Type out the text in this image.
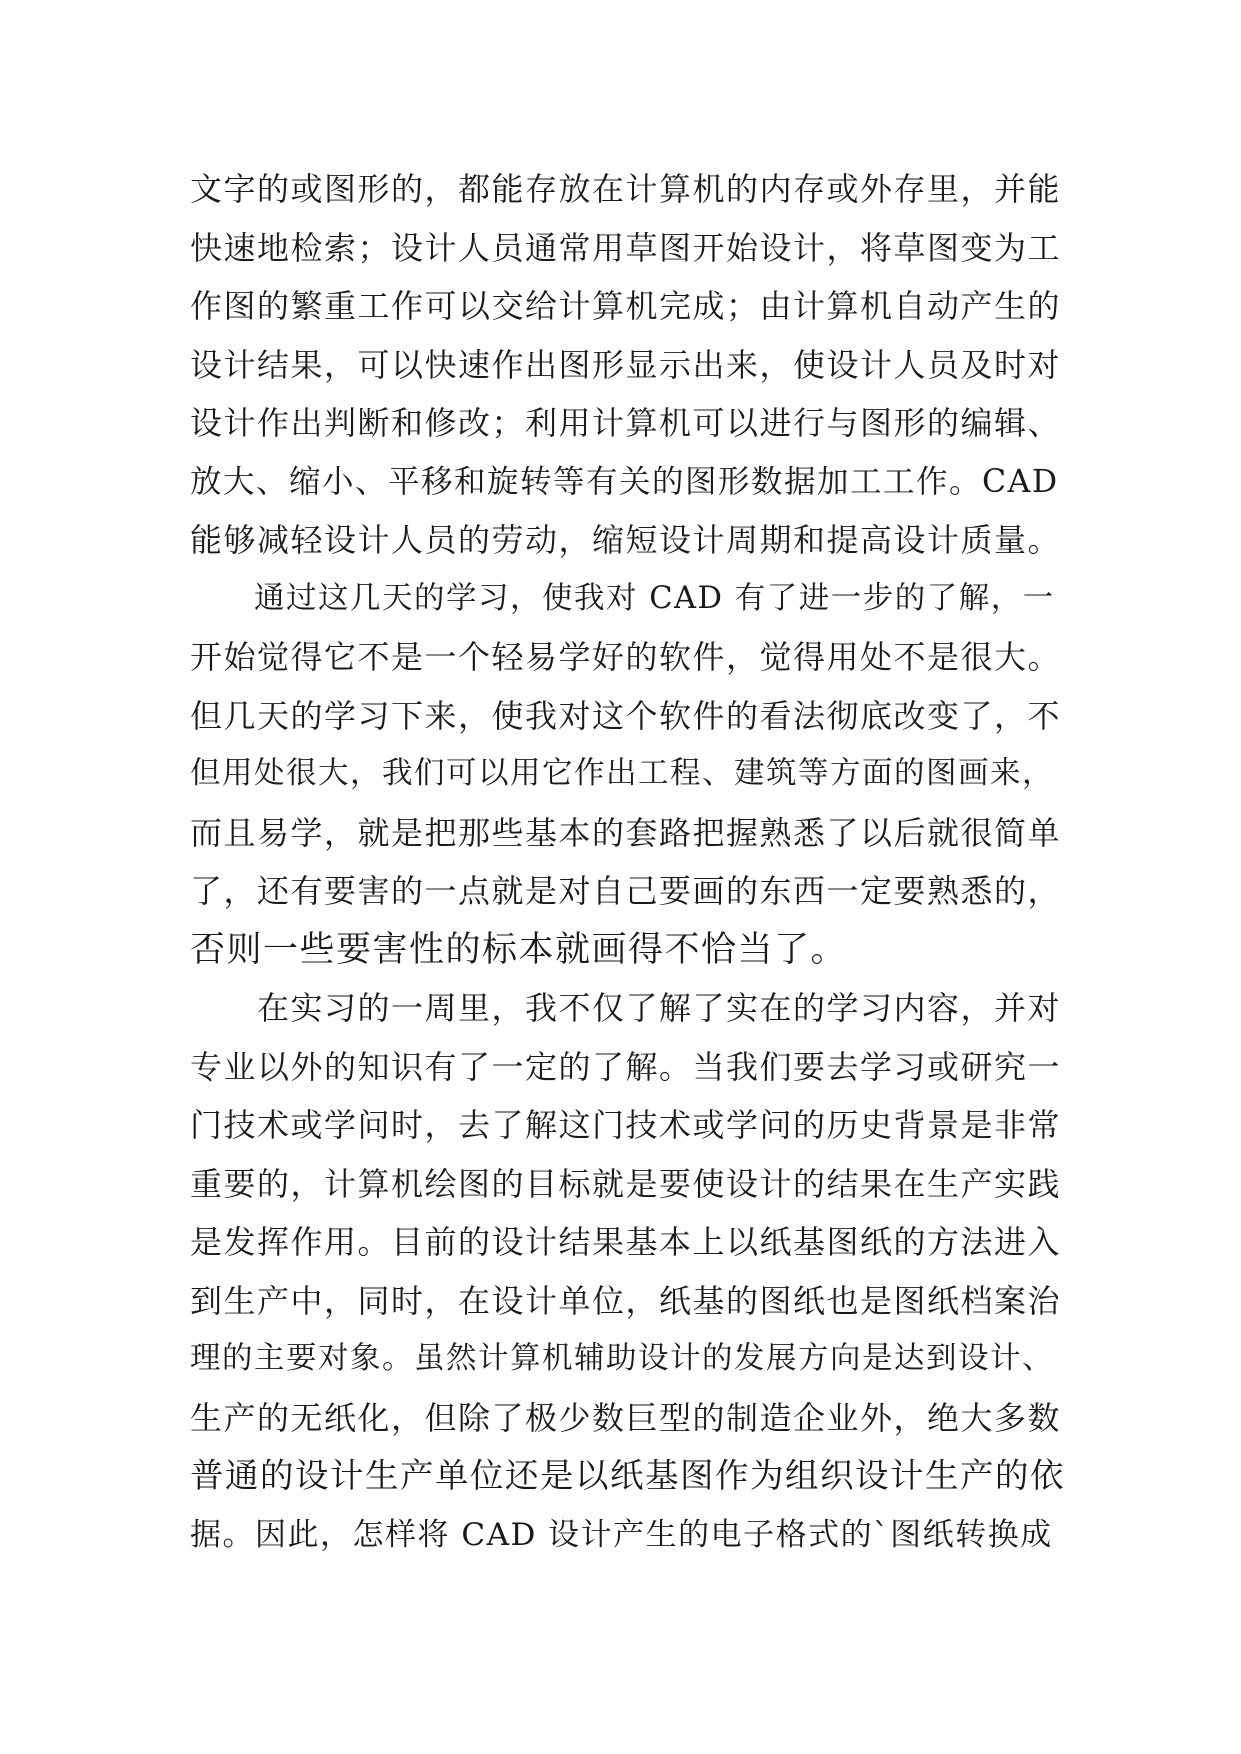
文字的或图形的，都能存放在计算机的内存或外存里，并能
快速地检索；设计人员通常用草图开始设计，将草图变为工
作图的繁重工作可以交给计算机完成；由计算机自动产生的
设计结果，可以快速作出图形显示出来，使设计人员及时对
设计作出判断和修改；利用计算机可以进行与图形的编辑、
放大、缩小、平移和旋转等有关的图形数据加工工作。CAD
能够减轻设计人员的劳动，缩短设计周期和提高设计质量。
　　通过这几天的学习，使我对 CAD 有了进一步的了解，一
开始觉得它不是一个轻易学好的软件，觉得用处不是很大。
但几天的学习下来，使我对这个软件的看法彻底改变了，不
但用处很大，我们可以用它作出工程、建筑等方面的图画来，
而且易学，就是把那些基本的套路把握熟悉了以后就很简单
了，还有要害的一点就是对自己要画的东西一定要熟悉的，
否则一些要害性的标本就画得不恰当了。
　　在实习的一周里，我不仅了解了实在的学习内容，并对
专业以外的知识有了一定的了解。当我们要去学习或研究一
门技术或学问时，去了解这门技术或学问的历史背景是非常
重要的，计算机绘图的目标就是要使设计的结果在生产实践
是发挥作用。目前的设计结果基本上以纸基图纸的方法进入
到生产中，同时，在设计单位，纸基的图纸也是图纸档案治
理的主要对象。虽然计算机辅助设计的发展方向是达到设计、
生产的无纸化，但除了极少数巨型的制造企业外，绝大多数
普通的设计生产单位还是以纸基图作为组织设计生产的依
据。因此，怎样将 CAD 设计产生的电子格式的`图纸转换成
